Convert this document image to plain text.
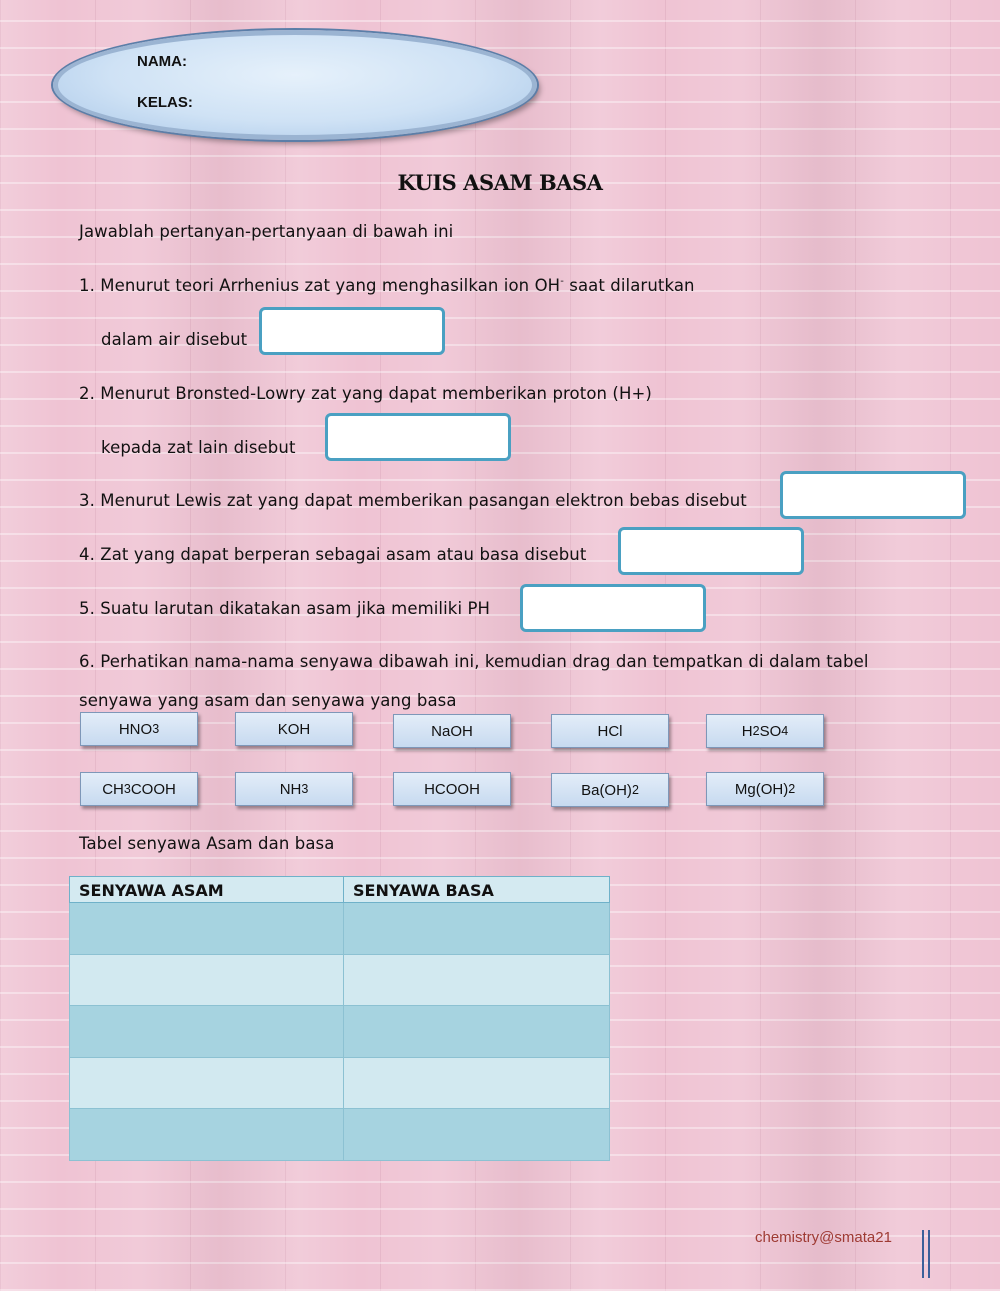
NAMA:
KELAS:
KUIS ASAM BASA
Jawablah pertanyan-pertanyaan di bawah ini
1. Menurut teori Arrhenius zat yang menghasilkan ion OH- saat dilarutkan
dalam air disebut
2. Menurut Bronsted-Lowry zat yang dapat memberikan proton (H+)
kepada zat lain disebut
3. Menurut Lewis zat yang dapat memberikan pasangan elektron bebas disebut
4. Zat yang dapat berperan sebagai asam atau basa disebut
5. Suatu larutan dikatakan asam jika memiliki PH
6. Perhatikan nama-nama senyawa dibawah ini, kemudian drag dan tempatkan di dalam tabel
senyawa yang asam dan senyawa yang basa
HNO 3	KOH	NaOH	HCl	H 2 SO 4
CH 3 COOH	NH 3	HCOOH	Ba(OH) 2	Mg(OH) 2
Tabel senyawa Asam dan basa
SENYAWA ASAM	SENYAWA BASA

chemistry@smata21
